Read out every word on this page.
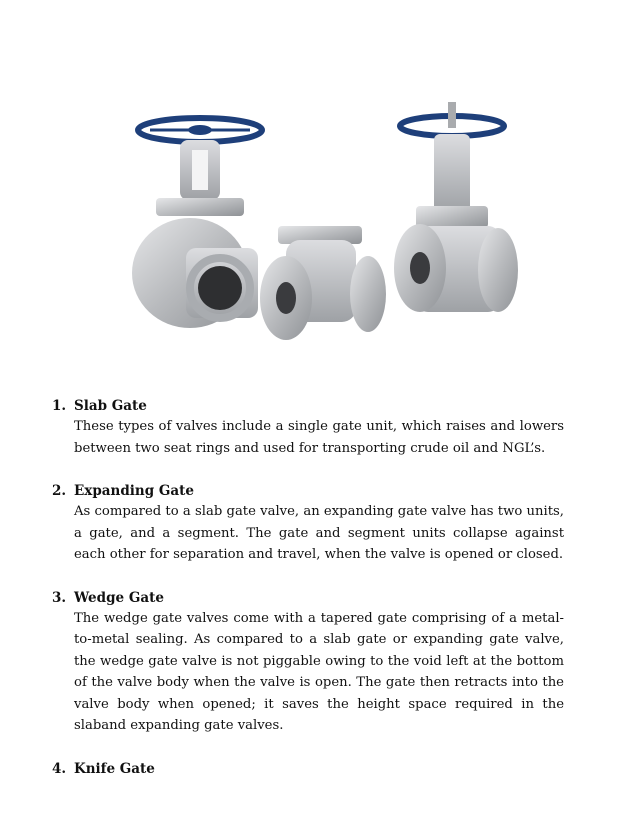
1. Slab Gate
These types of valves include a single gate unit, which raises and lowers between two seat rings and used for transporting crude oil and NGL’s.
2. Expanding Gate
As compared to a slab gate valve, an expanding gate valve has two units, a gate, and a segment. The gate and segment units collapse against each other for separation and travel, when the valve is opened or closed.
3. Wedge Gate
The wedge gate valves come with a tapered gate comprising of a metal-to-metal sealing. As compared to a slab gate or expanding gate valve, the wedge gate valve is not piggable owing to the void left at the bottom of the valve body when the valve is open. The gate then retracts into the valve body when opened; it saves the height space required in the slaband expanding gate valves.
4. Knife Gate
